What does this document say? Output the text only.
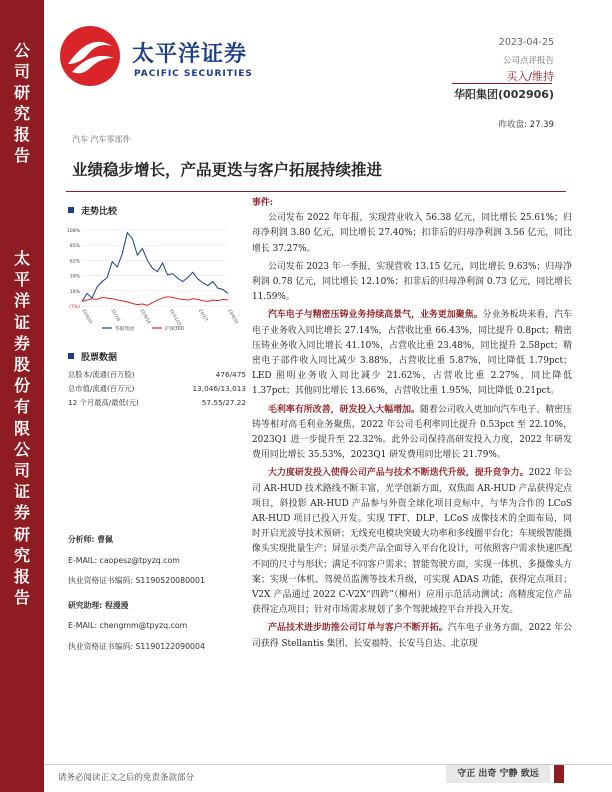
公
司
研
究
报
告
太
平
洋
证
券
股
份
有
限
公
司
证
券
研
究
报
告
太平洋证券
PACIFIC SECURITIES
2023-04-25
公司点评报告
买入/维持
华阳集团(002906)
昨收盘: 27.39
汽车 汽车零部件
业绩稳步增长，产品更迭与客户拓展持续推进
走势比较
108%
85%
62%
39%
16%
(7%)
22/4/25	22/7/6	22/9/16	22/11/27	23/2/7	23/4/20
华阳集团	沪深300
股票数据
总股本/流通(百万股)	476/475
总市值/流通(百万元)	13,046/13,013
12 个月最高/最低(元)	57.55/27.22
分析师: 曹佩
E-MAIL: caopesz@tpyzq.com
执业资格证书编码: S1190520080001
研究助理: 程漫漫
E-MAIL: chengmm@tpyzq.com
执业资格证书编码: S1190122090004

事件:

公司发布 2022 年年报，实现营业收入 56.38 亿元，同比增长 25.61%；归母净利润 3.80 亿元，同比增长 27.40%；扣非后的归母净利润 3.56 亿元，同比增长 37.27%。

公司发布 2023 年一季报，实现营收 13.15 亿元，同比增长 9.63%；归母净利润 0.78 亿元，同比增长 12.10%；扣非后的归母净利润 0.73 亿元，同比增长 11.59%。

汽车电子与精密压铸业务持续高景气，业务更加聚焦。分业务板块来看，汽车电子业务收入同比增长 27.14%，占营收比重 66.43%，同比提升 0.8pct；精密压铸业务收入同比增长 41.10%，占营收比重 23.48%，同比提升 2.58pct；精密电子部件收入同比减少 3.88%，占营收比重 5.87%，同比降低 1.79pct；LED 照明业务收入同比减少 21.62%，占营收比重 2.27%，同比降低 1.37pct；其他同比增长 13.66%，占营收比重 1.95%，同比降低 0.21pct。

毛利率有所改善，研发投入大幅增加。随着公司收入更加向汽车电子、精密压铸等相对高毛利业务聚焦，2022 年公司毛利率同比提升 0.53pct 至 22.10%，2023Q1 进一步提升至 22.32%。此外公司保持高研发投入力度，2022 年研发费用同比增长 35.53%，2023Q1 研发费用同比增长 21.79%。

大力度研发投入使得公司产品与技术不断迭代升级，提升竞争力。2022 年公司 AR-HUD 技术路线不断丰富，光学创新方面，双焦面 AR-HUD 产品获得定点项目，斜投影 AR-HUD 产品参与外资全球化项目竞标中，与华为合作的 LCoS AR-HUD 项目已投入开发。实现 TFT、DLP、LCoS 成像技术的全面布局，同时开启光波导技术预研；无线充电模块突破大功率和多线圈平台化；车规级智能摄像头实现批量生产；屏显示类产品全面导入平台化设计，可依照客户需求快速匹配不同的尺寸与形状；满足不同客户需求；智能驾驶方面，实现一体机、多摄像头方案；实现一体机、驾驶员监测等技术升级，可实现 ADAS 功能，获得定点项目；V2X 产品通过 2022 C-V2X“四跨”（柳州）应用示范活动测试；高精度定位产品获得定点项目；针对市场需求规划了多个驾驶域控平台并投入开发。

产品技术进步助推公司订单与客户不断开拓。汽车电子业务方面，2022 年公司获得 Stellantis 集团、长安福特、长安马自达、北京现

请务必阅读正文之后的免责条款部分	守正 出奇 宁静 致远
